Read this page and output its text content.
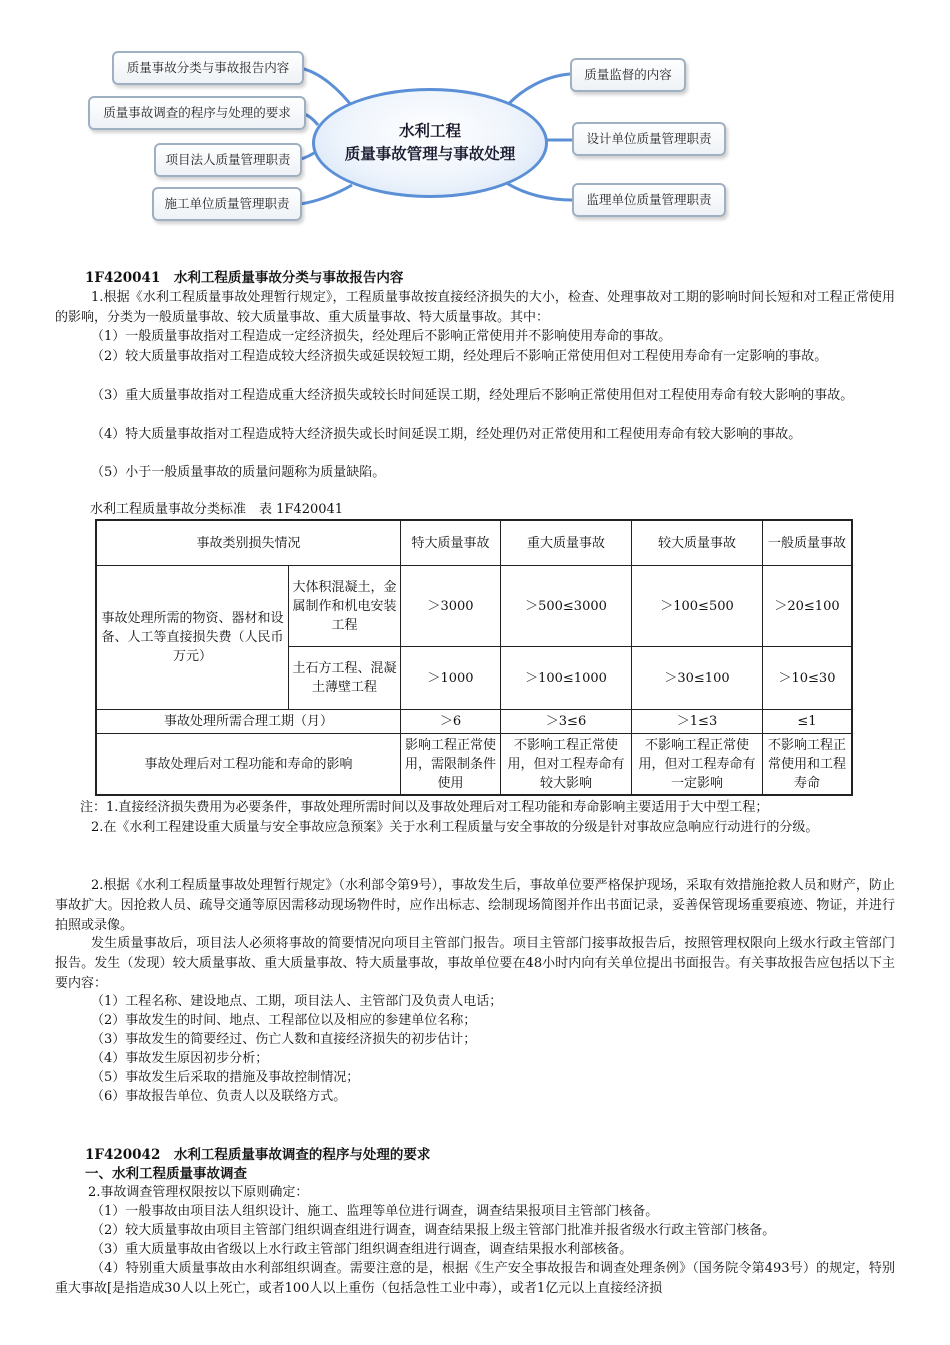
质量事故分类与事故报告内容
质量事故调查的程序与处理的要求
项目法人质量管理职责
施工单位质量管理职责
质量监督的内容
设计单位质量管理职责
监理单位质量管理职责
水利工程
质量事故管理与事故处理
1F420041　水利工程质量事故分类与事故报告内容

1.根据《水利工程质量事故处理暂行规定》，工程质量事故按直接经济损失的大小，检查、处理事故对工期的影响时间长短和对工程正常使用的影响，分类为一般质量事故、较大质量事故、重大质量事故、特大质量事故。其中：

（1）一般质量事故指对工程造成一定经济损失，经处理后不影响正常使用并不影响使用寿命的事故。

（2）较大质量事故指对工程造成较大经济损失或延误较短工期，经处理后不影响正常使用但对工程使用寿命有一定影响的事故。

（3）重大质量事故指对工程造成重大经济损失或较长时间延误工期，经处理后不影响正常使用但对工程使用寿命有较大影响的事故。

（4）特大质量事故指对工程造成特大经济损失或长时间延误工期，经处理仍对正常使用和工程使用寿命有较大影响的事故。

（5）小于一般质量事故的质量问题称为质量缺陷。

水利工程质量事故分类标准　表 1F420041
事故类别损失情况		特大质量事故	重大质量事故	较大质量事故	一般质量事故
事故处理所需的物资、器材和设备、人工等直接损失费（人民币万元）	大体积混凝土，金属制作和机电安装工程	＞3000	＞500≤3000	＞100≤500	＞20≤100
	土石方工程、混凝土薄壁工程	＞1000	＞100≤1000	＞30≤100	＞10≤30
事故处理所需合理工期（月）		＞6	＞3≤6	＞1≤3	≤1
事故处理后对工程功能和寿命的影响		影响工程正常使用，需限制条件使用	不影响工程正常使用，但对工程寿命有较大影响	不影响工程正常使用，但对工程寿命有一定影响	不影响工程正常使用和工程寿命

注：1.直接经济损失费用为必要条件，事故处理所需时间以及事故处理后对工程功能和寿命影响主要适用于大中型工程；

2.在《水利工程建设重大质量与安全事故应急预案》关于水利工程质量与安全事故的分级是针对事故应急响应行动进行的分级。

2.根据《水利工程质量事故处理暂行规定》（水利部令第9号），事故发生后，事故单位要严格保护现场，采取有效措施抢救人员和财产，防止事故扩大。因抢救人员、疏导交通等原因需移动现场物件时，应作出标志、绘制现场简图并作出书面记录，妥善保管现场重要痕迹、物证，并进行拍照或录像。

发生质量事故后，项目法人必须将事故的简要情况向项目主管部门报告。项目主管部门接事故报告后，按照管理权限向上级水行政主管部门报告。发生（发现）较大质量事故、重大质量事故、特大质量事故，事故单位要在48小时内向有关单位提出书面报告。有关事故报告应包括以下主要内容：

（1）工程名称、建设地点、工期，项目法人、主管部门及负责人电话；

（2）事故发生的时间、地点、工程部位以及相应的参建单位名称；

（3）事故发生的简要经过、伤亡人数和直接经济损失的初步估计；

（4）事故发生原因初步分析；

（5）事故发生后采取的措施及事故控制情况；

（6）事故报告单位、负责人以及联络方式。

1F420042　水利工程质量事故调查的程序与处理的要求
一、水利工程质量事故调查

2.事故调查管理权限按以下原则确定：

（1）一般事故由项目法人组织设计、施工、监理等单位进行调查，调查结果报项目主管部门核备。

（2）较大质量事故由项目主管部门组织调查组进行调查，调查结果报上级主管部门批准并报省级水行政主管部门核备。

（3）重大质量事故由省级以上水行政主管部门组织调查组进行调查，调查结果报水利部核备。

（4）特别重大质量事故由水利部组织调查。需要注意的是，根据《生产安全事故报告和调查处理条例》（国务院令第493号）的规定，特别重大事故[是指造成30人以上死亡，或者100人以上重伤（包括急性工业中毒），或者1亿元以上直接经济损
